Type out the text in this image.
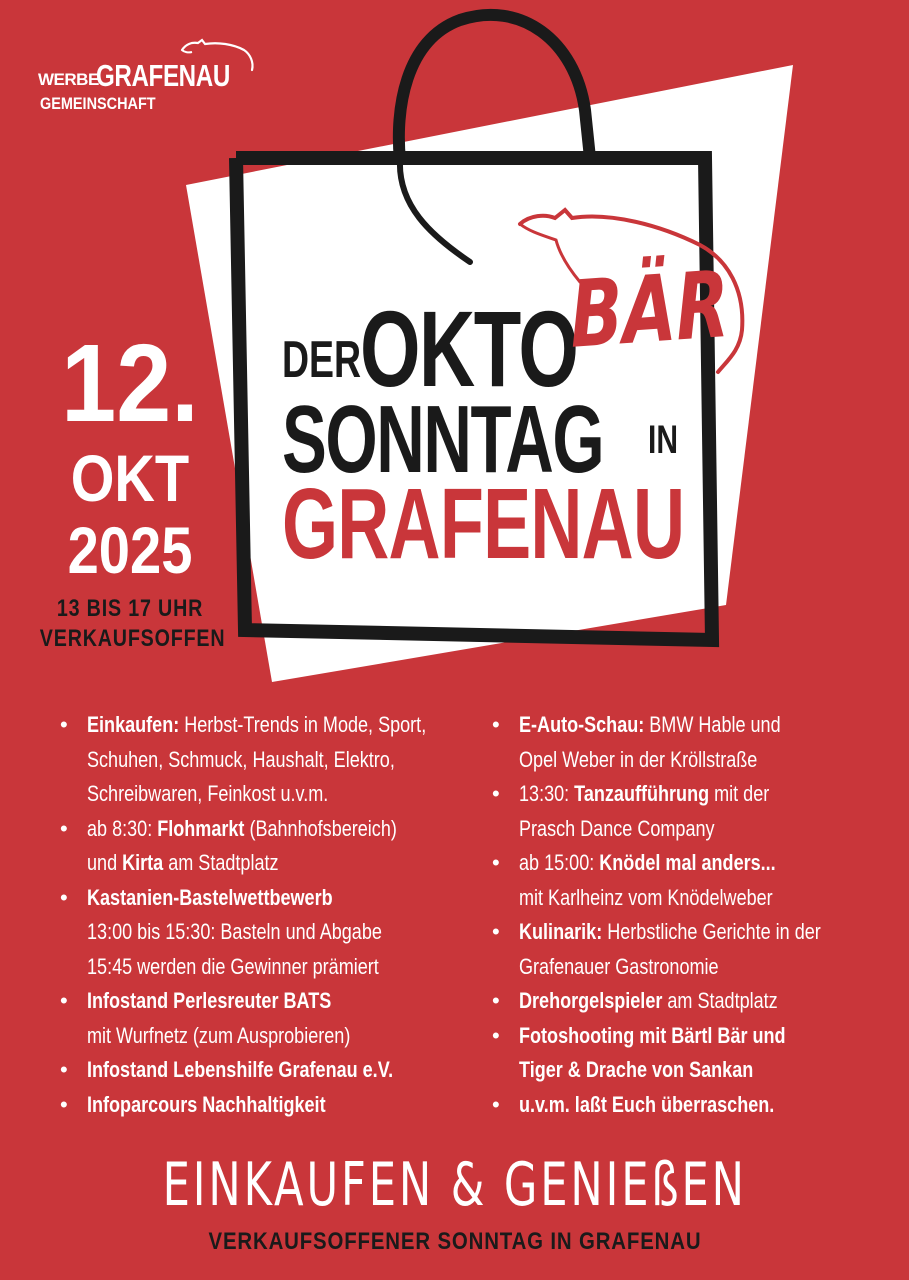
WERBE
GRAFENAU
GEMEINSCHAFT
DER
OKTO
BÄR
SONNTAG IN
GRAFENAU
12.
OKT
2025
13 BIS 17 UHR
VERKAUFSOFFEN
• Einkaufen: Herbst-Trends in Mode, Sport,
Schuhen, Schmuck, Haushalt, Elektro,
Schreibwaren, Feinkost u.v.m.
• ab 8:30: Flohmarkt (Bahnhofsbereich)
und Kirta am Stadtplatz
• Kastanien-Bastelwettbewerb
13:00 bis 15:30: Basteln und Abgabe
15:45 werden die Gewinner prämiert
• Infostand Perlesreuter BATS
mit Wurfnetz (zum Ausprobieren)
• Infostand Lebenshilfe Grafenau e.V.
• Infoparcours Nachhaltigkeit
• E-Auto-Schau: BMW Hable und
Opel Weber in der Kröllstraße
• 13:30: Tanzaufführung mit der
Prasch Dance Company
• ab 15:00: Knödel mal anders...
mit Karlheinz vom Knödelweber
• Kulinarik: Herbstliche Gerichte in der
Grafenauer Gastronomie
• Drehorgelspieler am Stadtplatz
• Fotoshooting mit Bärtl Bär und
Tiger & Drache von Sankan
• u.v.m. laßt Euch überraschen.
EINKAUFEN & GENIEßEN
VERKAUFSOFFENER SONNTAG IN GRAFENAU
